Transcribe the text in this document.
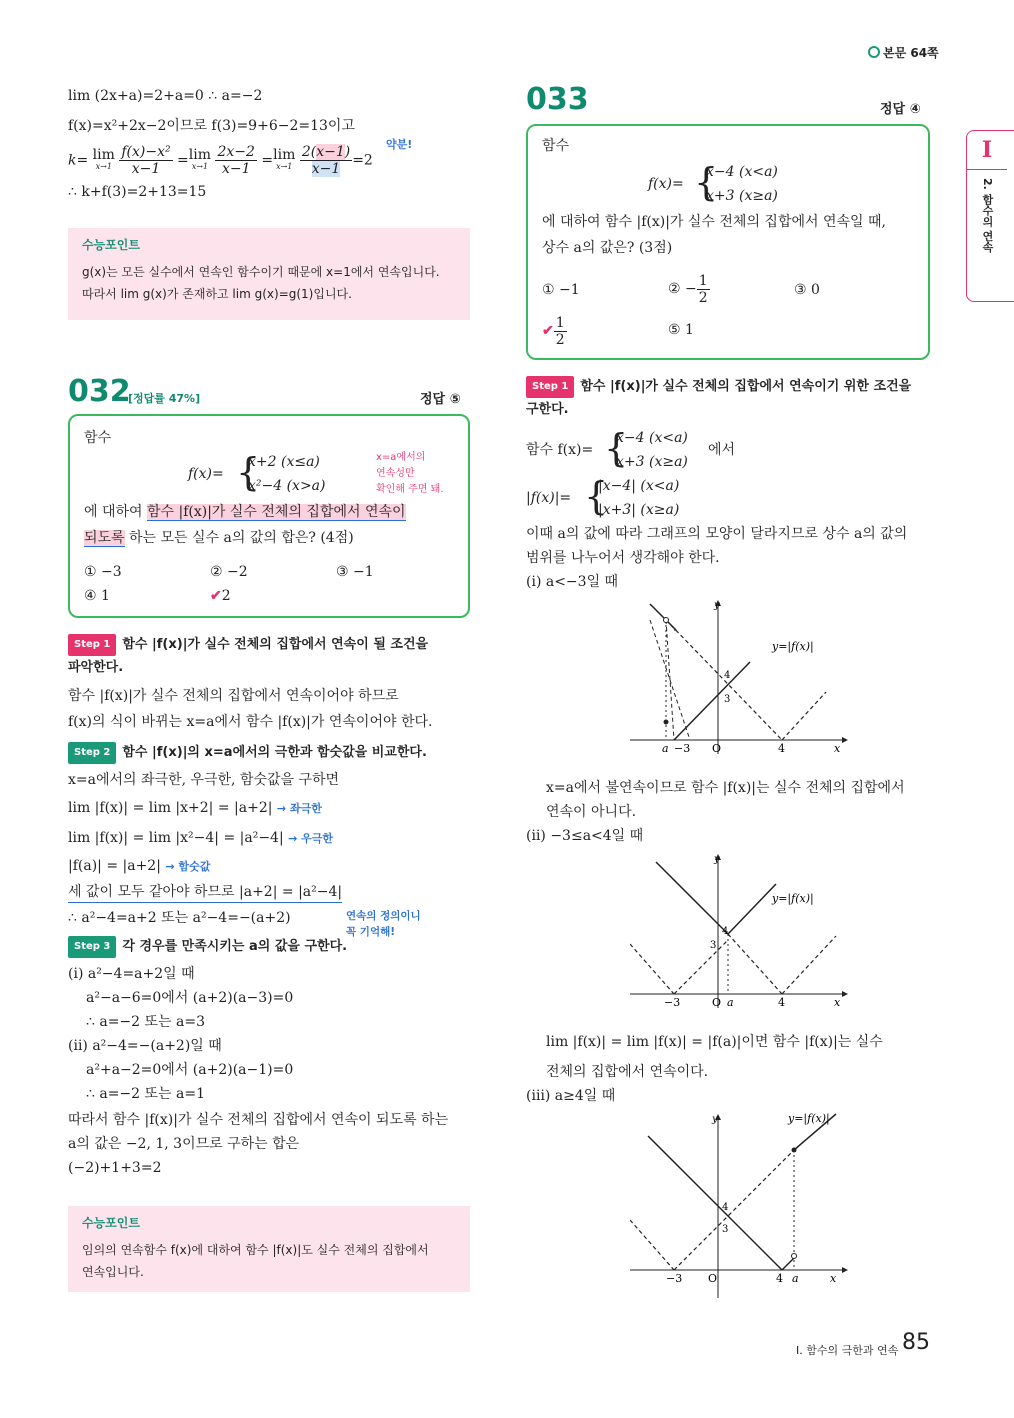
본문 64쪽
I
2. 함수의 연속
lim (2x+a)=2+a=0 ∴ a=−2
f(x)=x²+2x−2이므로 f(3)=9+6−2=13이고
k= lim
x→1
$\frac{\text{f(x)−x²}}{x-1} =\lim$
x→1
$\frac{2x-2}{x-1} =\lim$
x→1
$\frac{2(x-1)}{x-1} =2$
약분!
∴ k+f(3)=2+13=15
수능포인트
g(x)는 모든 실수에서 연속인 함수이기 때문에 x=1에서 연속입니다.
따라서 lim g(x)가 존재하고 lim g(x)=g(1)입니다.
032
[정답률 47%]	정답 ⑤
함수
f(x)= {
x+2 (x≤a)
x²−4 (x>a)
x=a에서의
연속성만
확인해 주면 돼.
에 대하여 함수 |f(x)|가 실수 전체의 집합에서 연속이
되도록 하는 모든 실수 a의 값의 합은? (4점)
① −3	② −2	③ −1
④ 1	✔2
Step 1 함수 |f(x)|가 실수 전체의 집합에서 연속이 될 조건을
파악한다.
함수 |f(x)|가 실수 전체의 집합에서 연속이어야 하므로
f(x)의 식이 바뀌는 x=a에서 함수 |f(x)|가 연속이어야 한다.
Step 2 함수 |f(x)|의 x=a에서의 극한과 함숫값을 비교한다.
x=a에서의 좌극한, 우극한, 함숫값을 구하면
lim |f(x)| = lim |x+2| = |a+2| → 좌극한
lim |f(x)| = lim |x²−4| = |a²−4| → 우극한
|f(a)| = |a+2| → 함숫값
세 값이 모두 같아야 하므로 |a+2| = |a²−4|
∴ a²−4=a+2 또는 a²−4=−(a+2)	연속의 정의이니
꼭 기억해!
Step 3 각 경우를 만족시키는 a의 값을 구한다.
(ⅰ) a²−4=a+2일 때
a²−a−6=0에서 (a+2)(a−3)=0
∴ a=−2 또는 a=3
(ⅱ) a²−4=−(a+2)일 때
a²+a−2=0에서 (a+2)(a−1)=0
∴ a=−2 또는 a=1
따라서 함수 |f(x)|가 실수 전체의 집합에서 연속이 되도록 하는
a의 값은 −2, 1, 3이므로 구하는 합은
(−2)+1+3=2
수능포인트
임의의 연속함수 f(x)에 대하여 함수 |f(x)|도 실수 전체의 집합에서
연속입니다.
033	정답 ④
함수
f(x)= {
x−4 (x<a)
x+3 (x≥a)
에 대하여 함수 |f(x)|가 실수 전체의 집합에서 연속일 때,
상수 a의 값은? (3점)
① −1	② − $\frac{1}{2}$	③ 0
✔ $\frac{1}{2}$	⑤ 1
Step 1 함수 |f(x)|가 실수 전체의 집합에서 연속이기 위한 조건을
구한다.
함수 f(x)= {
x−4 (x<a)
x+3 (x≥a)
에서
|f(x)|= {
|x−4| (x<a)
|x+3| (x≥a)
이때 a의 값에 따라 그래프의 모양이 달라지므로 상수 a의 값의
범위를 나누어서 생각해야 한다.
(ⅰ) a<−3일 때
y
x
O
y=|f(x)|
a −3	4
3
4
x=a에서 불연속이므로 함수 |f(x)|는 실수 전체의 집합에서
연속이 아니다.
(ⅱ) −3≤a<4일 때
y
x
O
y=|f(x)|
−3	a	4
3
4
lim |f(x)| = lim |f(x)| = |f(a)|이면 함수 |f(x)|는 실수
전체의 집합에서 연속이다.
(ⅲ) a≥4일 때
y
x
O
y=|f(x)|
−3	4 a
3
4
I. 함수의 극한과 연속 85
